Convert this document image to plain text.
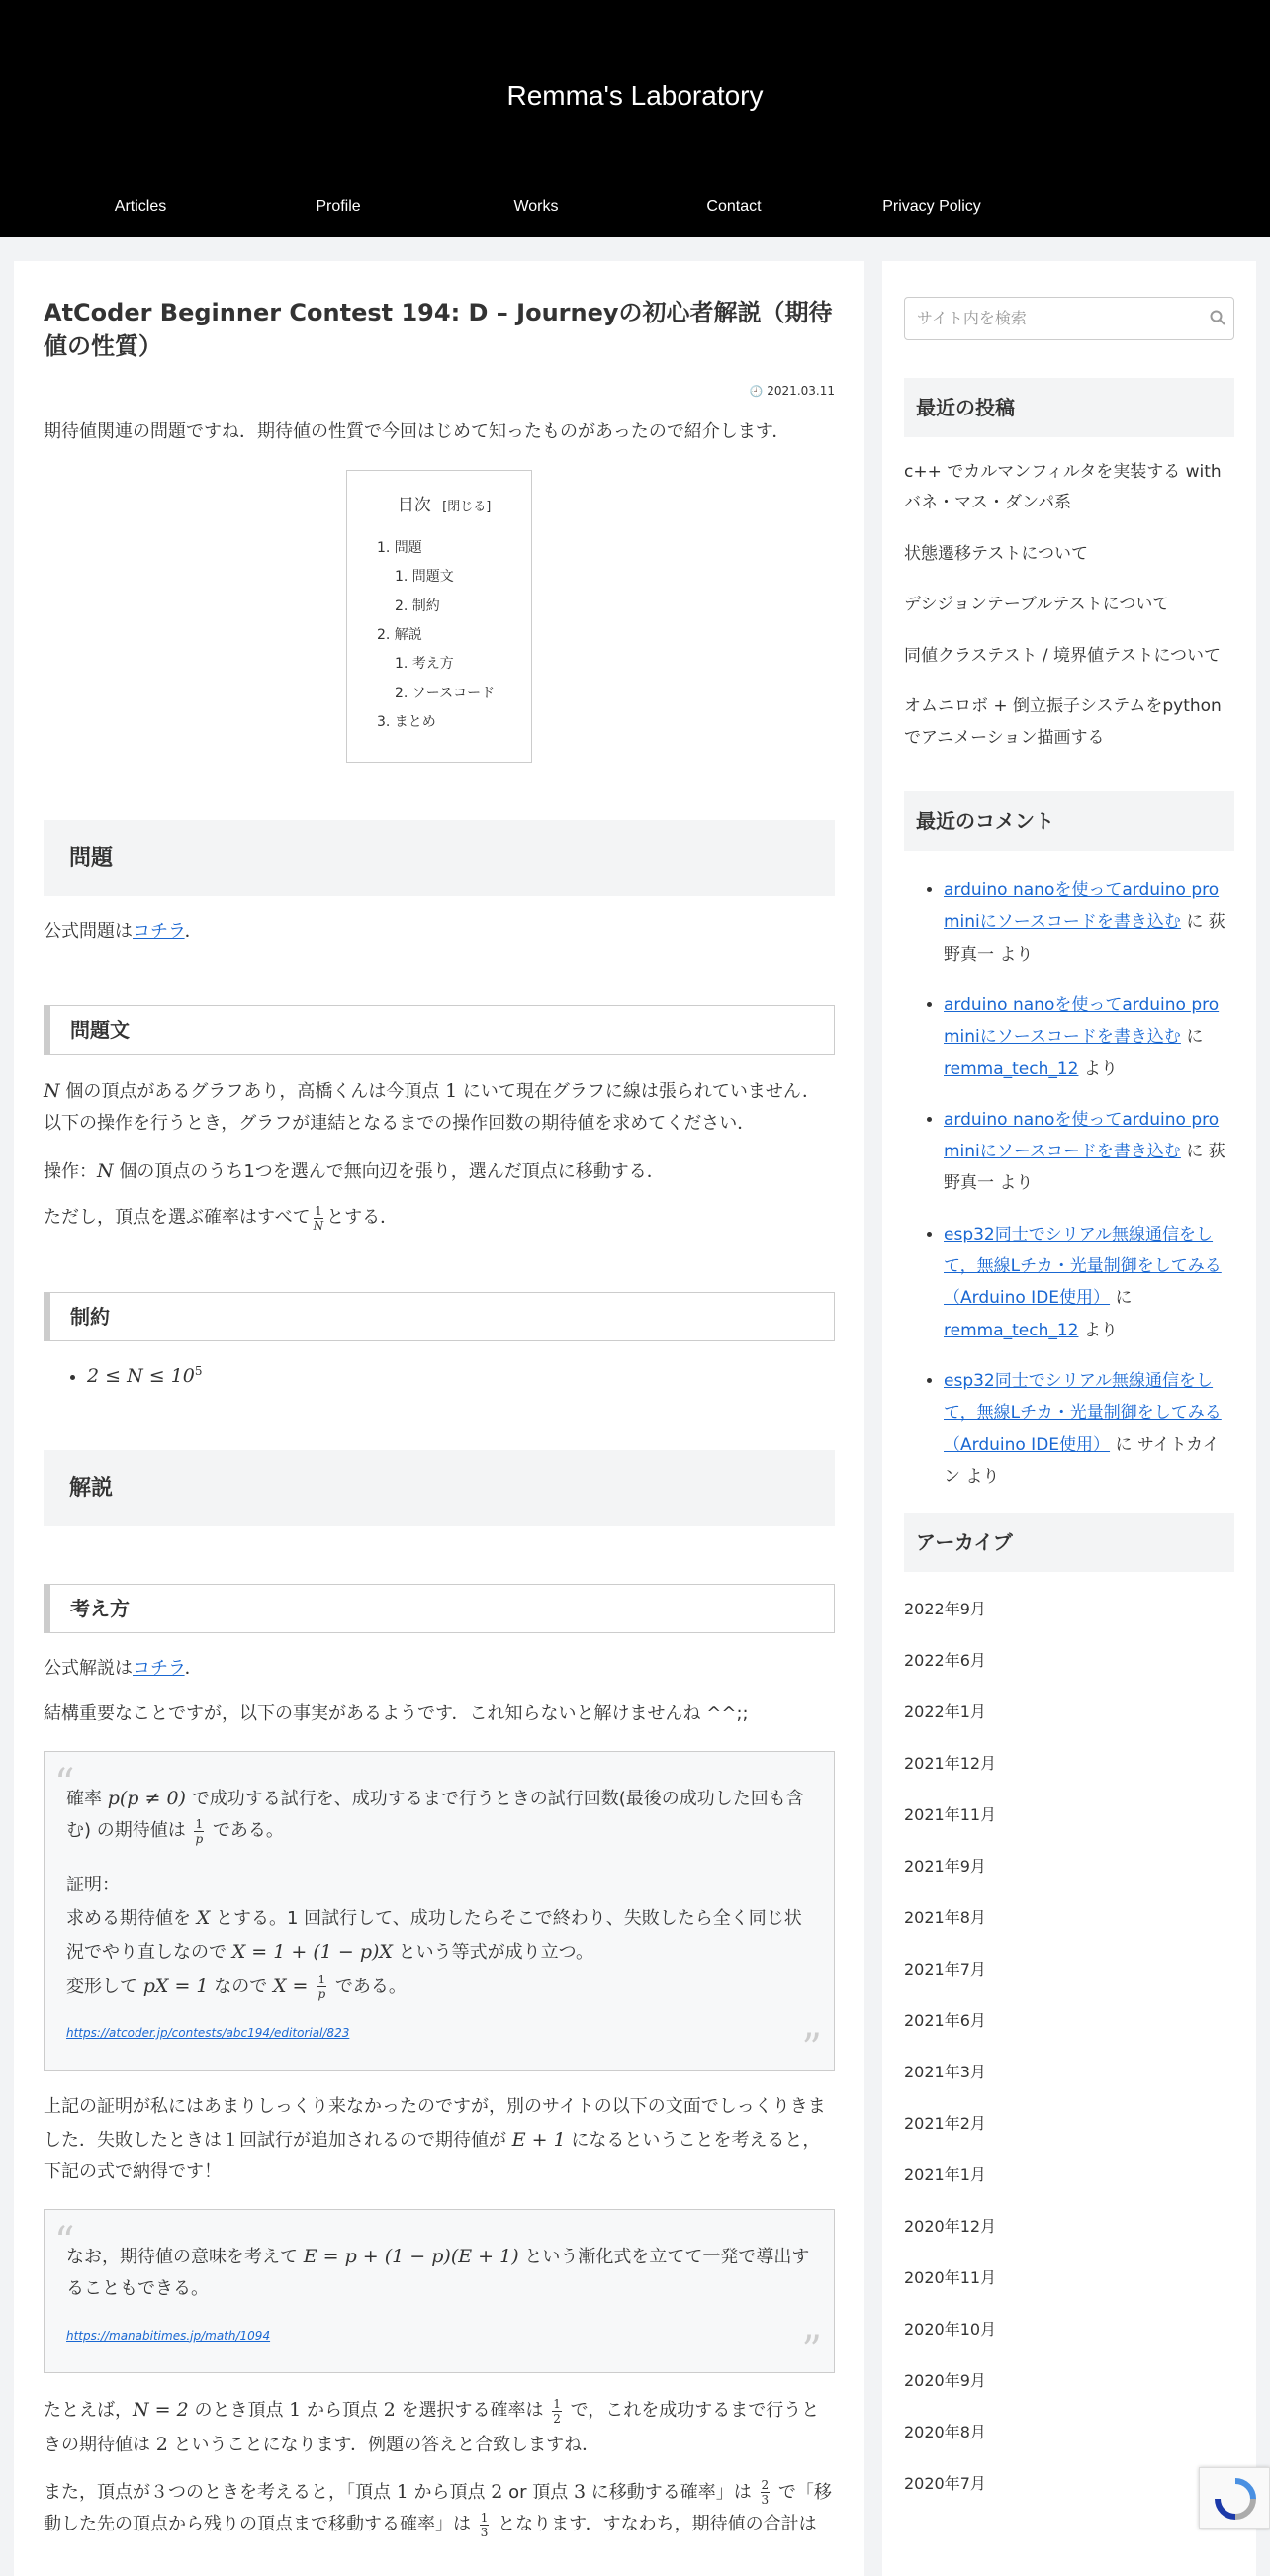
Remma's Laboratory
Articles	Profile	Works	Contact	Privacy Policy
AtCoder Beginner Contest 194: D – Journeyの初心者解説（期待値の性質）
🕘 2021.03.11

期待値関連の問題ですね．期待値の性質で今回はじめて知ったものがあったので紹介します．

目次 [閉じる]
1. 問題
1. 問題文
2. 制約
2. 解説
1. 考え方
2. ソースコード
3. まとめ
問題

公式問題はコチラ．

問題文

N 個の頂点があるグラフあり，高橋くんは今頂点 1 にいて現在グラフに線は張られていません．以下の操作を行うとき，グラフが連結となるまでの操作回数の期待値を求めてください．

操作：N 個の頂点のうち1つを選んで無向辺を張り，選んだ頂点に移動する．

ただし，頂点を選ぶ確率はすべて $\frac{1}{N}$ とする．

制約
• $2 \le N \le 10^5$
解説
考え方

公式解説はコチラ．

結構重要なことですが，以下の事実があるようです．これ知らないと解けませんね ^^;;

“
確率 p(p ≠ 0) で成功する試行を、成功するまで行うときの試行回数(最後の成功した回も含む) の期待値は $\frac{1}{p}$ である。
証明：
求める期待値を X とする。1 回試行して、成功したらそこで終わり、失敗したら全く同じ状況でやり直しなので X = 1 + (1 − p)X という等式が成り立つ。
変形して pX = 1 なので $X = \frac{1}{p}$ である。
https://atcoder.jp/contests/abc194/editorial/823	”

上記の証明が私にはあまりしっくり来なかったのですが，別のサイトの以下の文面でしっくりきました．失敗したときは１回試行が追加されるので期待値が E + 1 になるということを考えると，下記の式で納得です！

“
なお，期待値の意味を考えて E = p + (1 − p)(E + 1) という漸化式を立てて一発で導出することもできる。
https://manabitimes.jp/math/1094	”

たとえば，N = 2 のとき頂点 1 から頂点 2 を選択する確率は $\frac{1}{2}$ で，これを成功するまで行うときの期待値は 2 ということになります．例題の答えと合致しますね．

また，頂点が３つのときを考えると，「頂点 1 から頂点 2 or 頂点 3 に移動する確率」は $\frac{2}{3}$ で「移動した先の頂点から残りの頂点まで移動する確率」は $\frac{1}{3}$ となります．すなわち，期待値の合計は

サイト内を検索
最近の投稿
c++ でカルマンフィルタを実装する with バネ・マス・ダンパ系
状態遷移テストについて
デシジョンテーブルテストについて
同値クラステスト / 境界値テストについて
オムニロボ + 倒立振子システムをpythonでアニメーション描画する
最近のコメント
• arduino nanoを使ってarduino pro miniにソースコードを書き込む に 荻野真一 より
• arduino nanoを使ってarduino pro miniにソースコードを書き込む に remma_tech_12 より
• arduino nanoを使ってarduino pro miniにソースコードを書き込む に 荻野真一 より
• esp32同士でシリアル無線通信をして，無線Lチカ・光量制御をしてみる（Arduino IDE使用） に remma_tech_12 より
• esp32同士でシリアル無線通信をして，無線Lチカ・光量制御をしてみる（Arduino IDE使用） に サイトカイン より
アーカイブ
2022年9月
2022年6月
2022年1月
2021年12月
2021年11月
2021年9月
2021年8月
2021年7月
2021年6月
2021年3月
2021年2月
2021年1月
2020年12月
2020年11月
2020年10月
2020年9月
2020年8月
2020年7月
